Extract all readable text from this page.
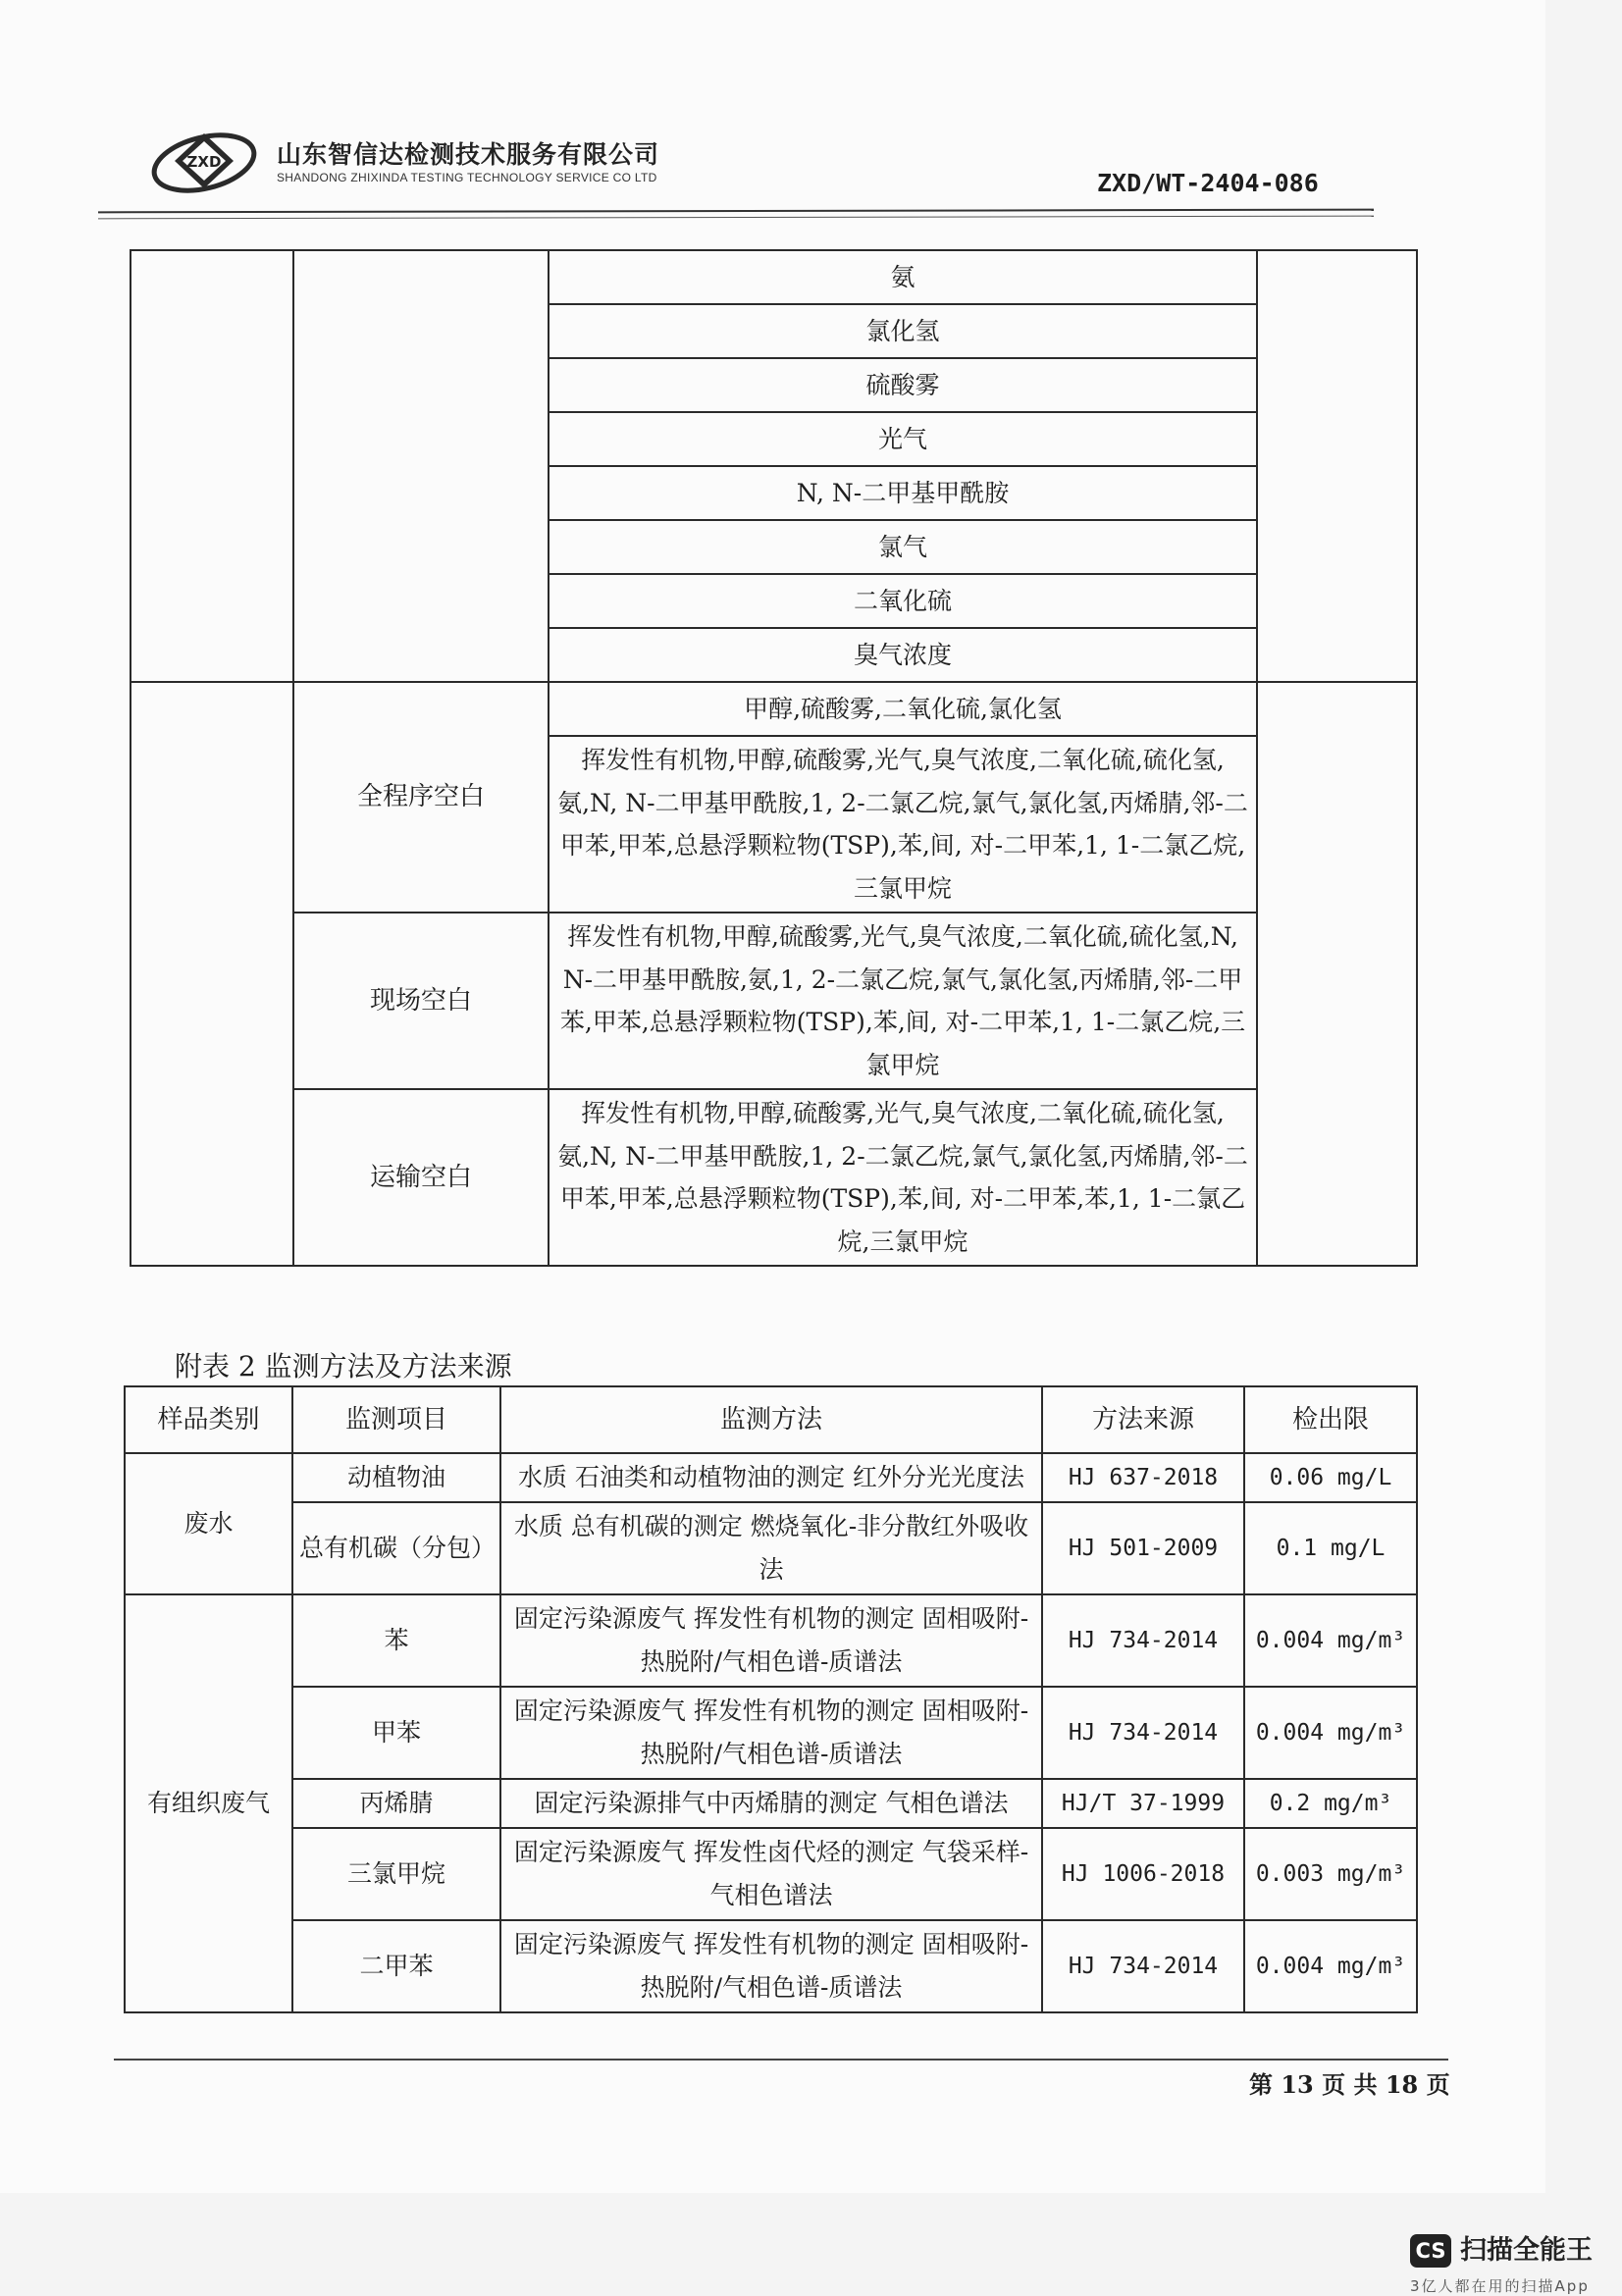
ZXD 山东智信达检测技术服务有限公司
SHANDONG ZHIXINDA TESTING TECHNOLOGY SERVICE CO LTD	ZXD/WT-2404-086
		氨	
		氯化氢	
		硫酸雾	
		光气	
		N, N-二甲基甲酰胺	
		氯气	
		二氧化硫	
		臭气浓度	
	全程序空白	甲醇,硫酸雾,二氧化硫,氯化氢	
		挥发性有机物,甲醇,硫酸雾,光气,臭气浓度,二氧化硫,硫化氢,氨,N, N-二甲基甲酰胺,1, 2-二氯乙烷,氯气,氯化氢,丙烯腈,邻-二甲苯,甲苯,总悬浮颗粒物(TSP),苯,间, 对-二甲苯,1, 1-二氯乙烷,三氯甲烷	
	现场空白	挥发性有机物,甲醇,硫酸雾,光气,臭气浓度,二氧化硫,硫化氢,N, N-二甲基甲酰胺,氨,1, 2-二氯乙烷,氯气,氯化氢,丙烯腈,邻-二甲苯,甲苯,总悬浮颗粒物(TSP),苯,间, 对-二甲苯,1, 1-二氯乙烷,三氯甲烷	
	运输空白	挥发性有机物,甲醇,硫酸雾,光气,臭气浓度,二氧化硫,硫化氢,氨,N, N-二甲基甲酰胺,1, 2-二氯乙烷,氯气,氯化氢,丙烯腈,邻-二甲苯,甲苯,总悬浮颗粒物(TSP),苯,间, 对-二甲苯,苯,1, 1-二氯乙烷,三氯甲烷	
附表 2 监测方法及方法来源
样品类别	监测项目	监测方法	方法来源	检出限
废水	动植物油	水质 石油类和动植物油的测定 红外分光光度法	HJ 637-2018	0.06 mg/L
	总有机碳（分包）	水质 总有机碳的测定 燃烧氧化-非分散红外吸收法	HJ 501-2009	0.1 mg/L
有组织废气	苯	固定污染源废气 挥发性有机物的测定 固相吸附-热脱附/气相色谱-质谱法	HJ 734-2014	0.004 mg/m³
	甲苯	固定污染源废气 挥发性有机物的测定 固相吸附-热脱附/气相色谱-质谱法	HJ 734-2014	0.004 mg/m³
	丙烯腈	固定污染源排气中丙烯腈的测定 气相色谱法	HJ/T 37-1999	0.2 mg/m³
	三氯甲烷	固定污染源废气 挥发性卤代烃的测定 气袋采样-气相色谱法	HJ 1006-2018	0.003 mg/m³
	二甲苯	固定污染源废气 挥发性有机物的测定 固相吸附-热脱附/气相色谱-质谱法	HJ 734-2014	0.004 mg/m³
第 13 页 共 18 页
CS 扫描全能王
3亿人都在用的扫描App
